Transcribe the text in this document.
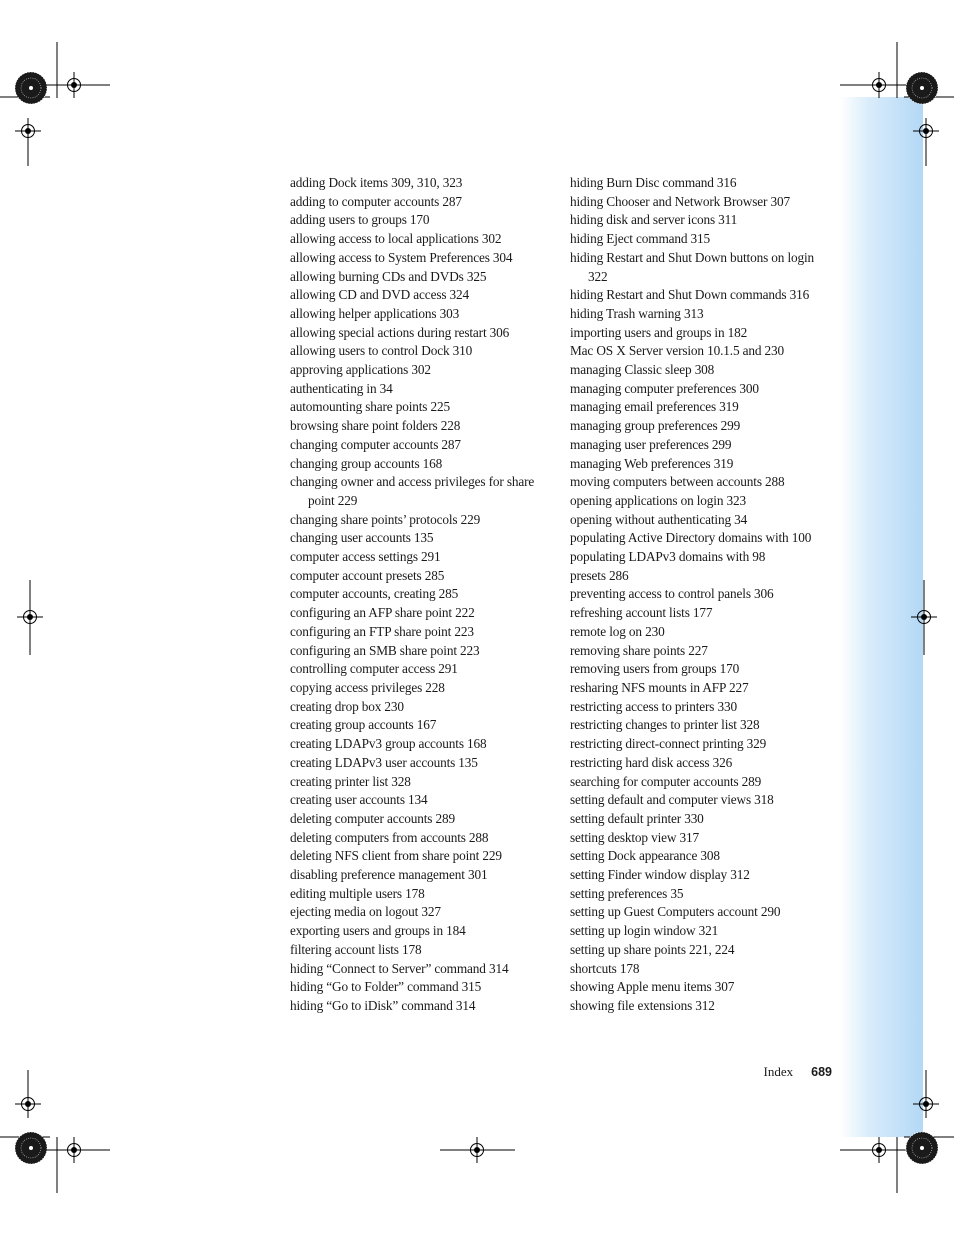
adding Dock items 309, 310, 323
adding to computer accounts 287
adding users to groups 170
allowing access to local applications 302
allowing access to System Preferences 304
allowing burning CDs and DVDs 325
allowing CD and DVD access 324
allowing helper applications 303
allowing special actions during restart 306
allowing users to control Dock 310
approving applications 302
authenticating in 34
automounting share points 225
browsing share point folders 228
changing computer accounts 287
changing group accounts 168
changing owner and access privileges for share point 229
changing share points’ protocols 229
changing user accounts 135
computer access settings 291
computer account presets 285
computer accounts, creating 285
configuring an AFP share point 222
configuring an FTP share point 223
configuring an SMB share point 223
controlling computer access 291
copying access privileges 228
creating drop box 230
creating group accounts 167
creating LDAPv3 group accounts 168
creating LDAPv3 user accounts 135
creating printer list 328
creating user accounts 134
deleting computer accounts 289
deleting computers from accounts 288
deleting NFS client from share point 229
disabling preference management 301
editing multiple users 178
ejecting media on logout 327
exporting users and groups in 184
filtering account lists 178
hiding “Connect to Server” command 314
hiding “Go to Folder” command 315
hiding “Go to iDisk” command 314
hiding Burn Disc command 316
hiding Chooser and Network Browser 307
hiding disk and server icons 311
hiding Eject command 315
hiding Restart and Shut Down buttons on login 322
hiding Restart and Shut Down commands 316
hiding Trash warning 313
importing users and groups in 182
Mac OS X Server version 10.1.5 and 230
managing Classic sleep 308
managing computer preferences 300
managing email preferences 319
managing group preferences 299
managing user preferences 299
managing Web preferences 319
moving computers between accounts 288
opening applications on login 323
opening without authenticating 34
populating Active Directory domains with 100
populating LDAPv3 domains with 98
presets 286
preventing access to control panels 306
refreshing account lists 177
remote log on 230
removing share points 227
removing users from groups 170
resharing NFS mounts in AFP 227
restricting access to printers 330
restricting changes to printer list 328
restricting direct-connect printing 329
restricting hard disk access 326
searching for computer accounts 289
setting default and computer views 318
setting default printer 330
setting desktop view 317
setting Dock appearance 308
setting Finder window display 312
setting preferences 35
setting up Guest Computers account 290
setting up login window 321
setting up share points 221, 224
shortcuts 178
showing Apple menu items 307
showing file extensions 312
Index 689
